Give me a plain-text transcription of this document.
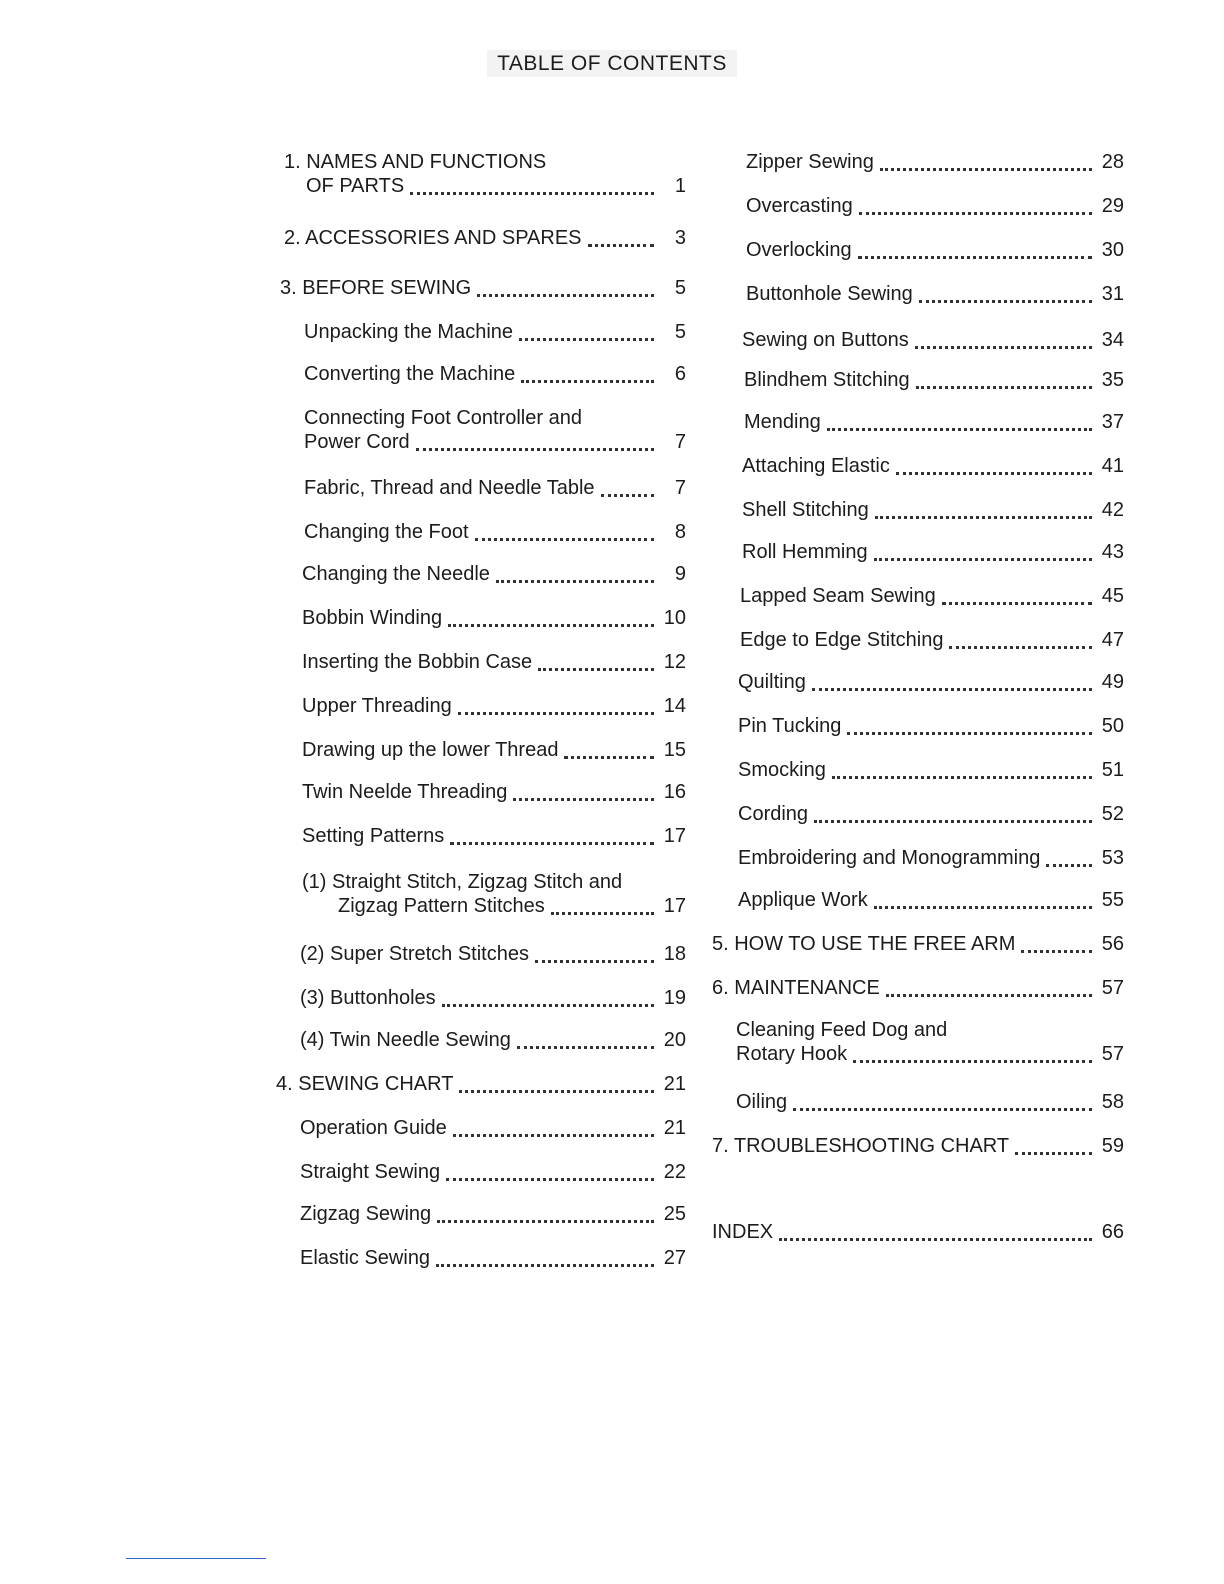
TABLE OF CONTENTS
1. NAMES AND FUNCTIONS
OF PARTS	1
2. ACCESSORIES AND SPARES	3
3. BEFORE SEWING	5
Unpacking the Machine	5
Converting the Machine	6
Connecting Foot Controller and
Power Cord	7
Fabric, Thread and Needle Table	7
Changing the Foot	8
Changing the Needle	9
Bobbin Winding	10
Inserting the Bobbin Case	12
Upper Threading	14
Drawing up the lower Thread	15
Twin Neelde Threading	16
Setting Patterns	17
(1) Straight Stitch, Zigzag Stitch and
Zigzag Pattern Stitches	17
(2) Super Stretch Stitches	18
(3) Buttonholes	19
(4) Twin Needle Sewing	20
4. SEWING CHART	21
Operation Guide	21
Straight Sewing	22
Zigzag Sewing	25
Elastic Sewing	27
Zipper Sewing	28
Overcasting	29
Overlocking	30
Buttonhole Sewing	31
Sewing on Buttons	34
Blindhem Stitching	35
Mending	37
Attaching Elastic	41
Shell Stitching	42
Roll Hemming	43
Lapped Seam Sewing	45
Edge to Edge Stitching	47
Quilting	49
Pin Tucking	50
Smocking	51
Cording	52
Embroidering and Monogramming	53
Applique Work	55
5. HOW TO USE THE FREE ARM	56
6. MAINTENANCE	57
Cleaning Feed Dog and
Rotary Hook	57
Oiling	58
7. TROUBLESHOOTING CHART	59
INDEX	66
